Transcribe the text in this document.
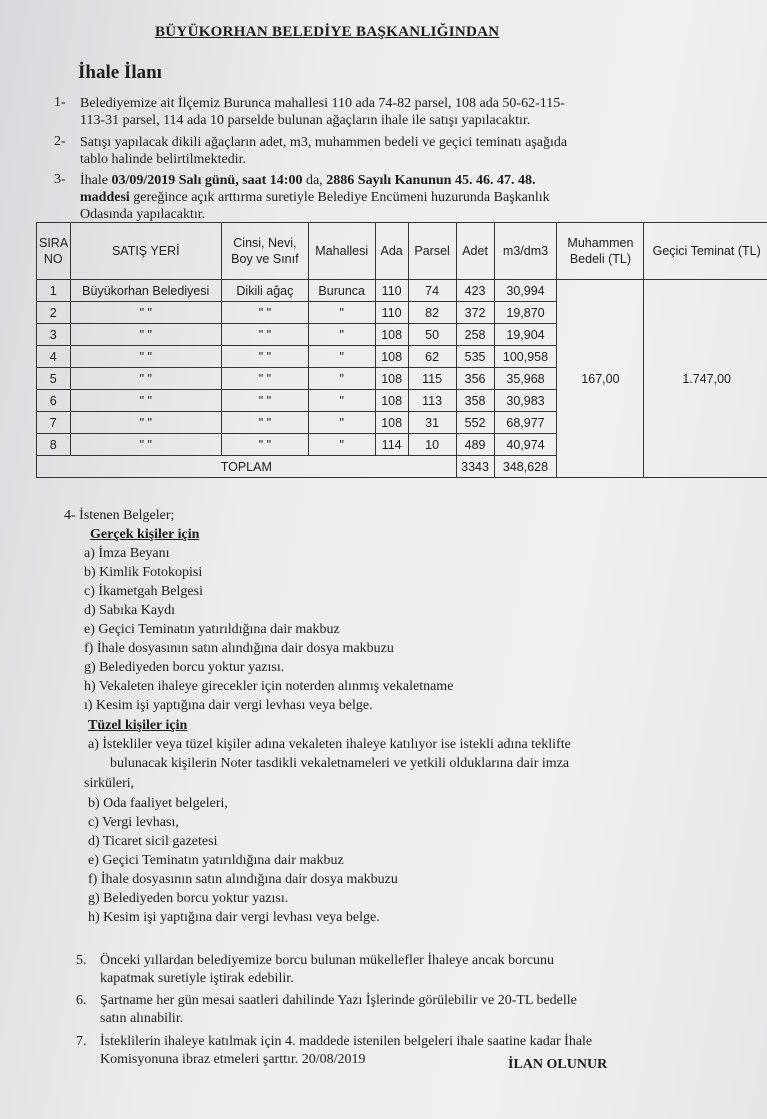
BÜYÜKORHAN BELEDİYE BAŞKANLIĞINDAN
İhale İlanı
1- Belediyemize ait İlçemiz Burunca mahallesi 110 ada 74-82 parsel, 108 ada 50-62-115-
113-31 parsel, 114 ada 10 parselde bulunan ağaçların ihale ile satışı yapılacaktır.
2- Satışı yapılacak dikili ağaçların adet, m3, muhammen bedeli ve geçici teminatı aşağıda
tablo halinde belirtilmektedir.
3- İhale 03/09/2019 Salı günü, saat 14:00 da, 2886 Sayılı Kanunun 45. 46. 47. 48.
maddesi gereğince açık arttırma suretiyle Belediye Encümeni huzurunda Başkanlık
Odasında yapılacaktır.
SIRA NO	SATIŞ YERİ	Cinsi, Nevi, Boy ve Sınıf	Mahallesi	Ada	Parsel	Adet	m3/dm3	Muhammen Bedeli (TL)	Geçici Teminat (TL)
1	Büyükorhan Belediyesi	Dikili ağaç	Burunca	110	74	423	30,994	167,00	1.747,00
2	" "	" "	"	110	82	372	19,870		
3	" "	" "	"	108	50	258	19,904		
4	" "	" "	"	108	62	535	100,958		
5	" "	" "	"	108	115	356	35,968		
6	" "	" "	"	108	113	358	30,983		
7	" "	" "	"	108	31	552	68,977		
8	" "	" "	"	114	10	489	40,974		
TOPLAM						3343	348,628		
4- İstenen Belgeler;
Gerçek kişiler için
a) İmza Beyanı
b) Kimlik Fotokopisi
c) İkametgah Belgesi
d) Sabıka Kaydı
e) Geçici Teminatın yatırıldığına dair makbuz
f) İhale dosyasının satın alındığına dair dosya makbuzu
g) Belediyeden borcu yoktur yazısı.
h) Vekaleten ihaleye girecekler için noterden alınmış vekaletname
ı) Kesim işi yaptığına dair vergi levhası veya belge.
Tüzel kişiler için
a) İstekliler veya tüzel kişiler adına vekaleten ihaleye katılıyor ise istekli adına teklifte
bulunacak kişilerin Noter tasdikli vekaletnameleri ve yetkili olduklarına dair imza
sirküleri,
b) Oda faaliyet belgeleri,
c) Vergi levhası,
d) Ticaret sicil gazetesi
e) Geçici Teminatın yatırıldığına dair makbuz
f) İhale dosyasının satın alındığına dair dosya makbuzu
g) Belediyeden borcu yoktur yazısı.
h) Kesim işi yaptığına dair vergi levhası veya belge.
5. Önceki yıllardan belediyemize borcu bulunan mükellefler İhaleye ancak borcunu
kapatmak suretiyle iştirak edebilir.
6. Şartname her gün mesai saatleri dahilinde Yazı İşlerinde görülebilir ve 20-TL bedelle
satın alınabilir.
7. İsteklilerin ihaleye katılmak için 4. maddede istenilen belgeleri ihale saatine kadar İhale
Komisyonuna ibraz etmeleri şarttır. 20/08/2019	İLAN OLUNUR
